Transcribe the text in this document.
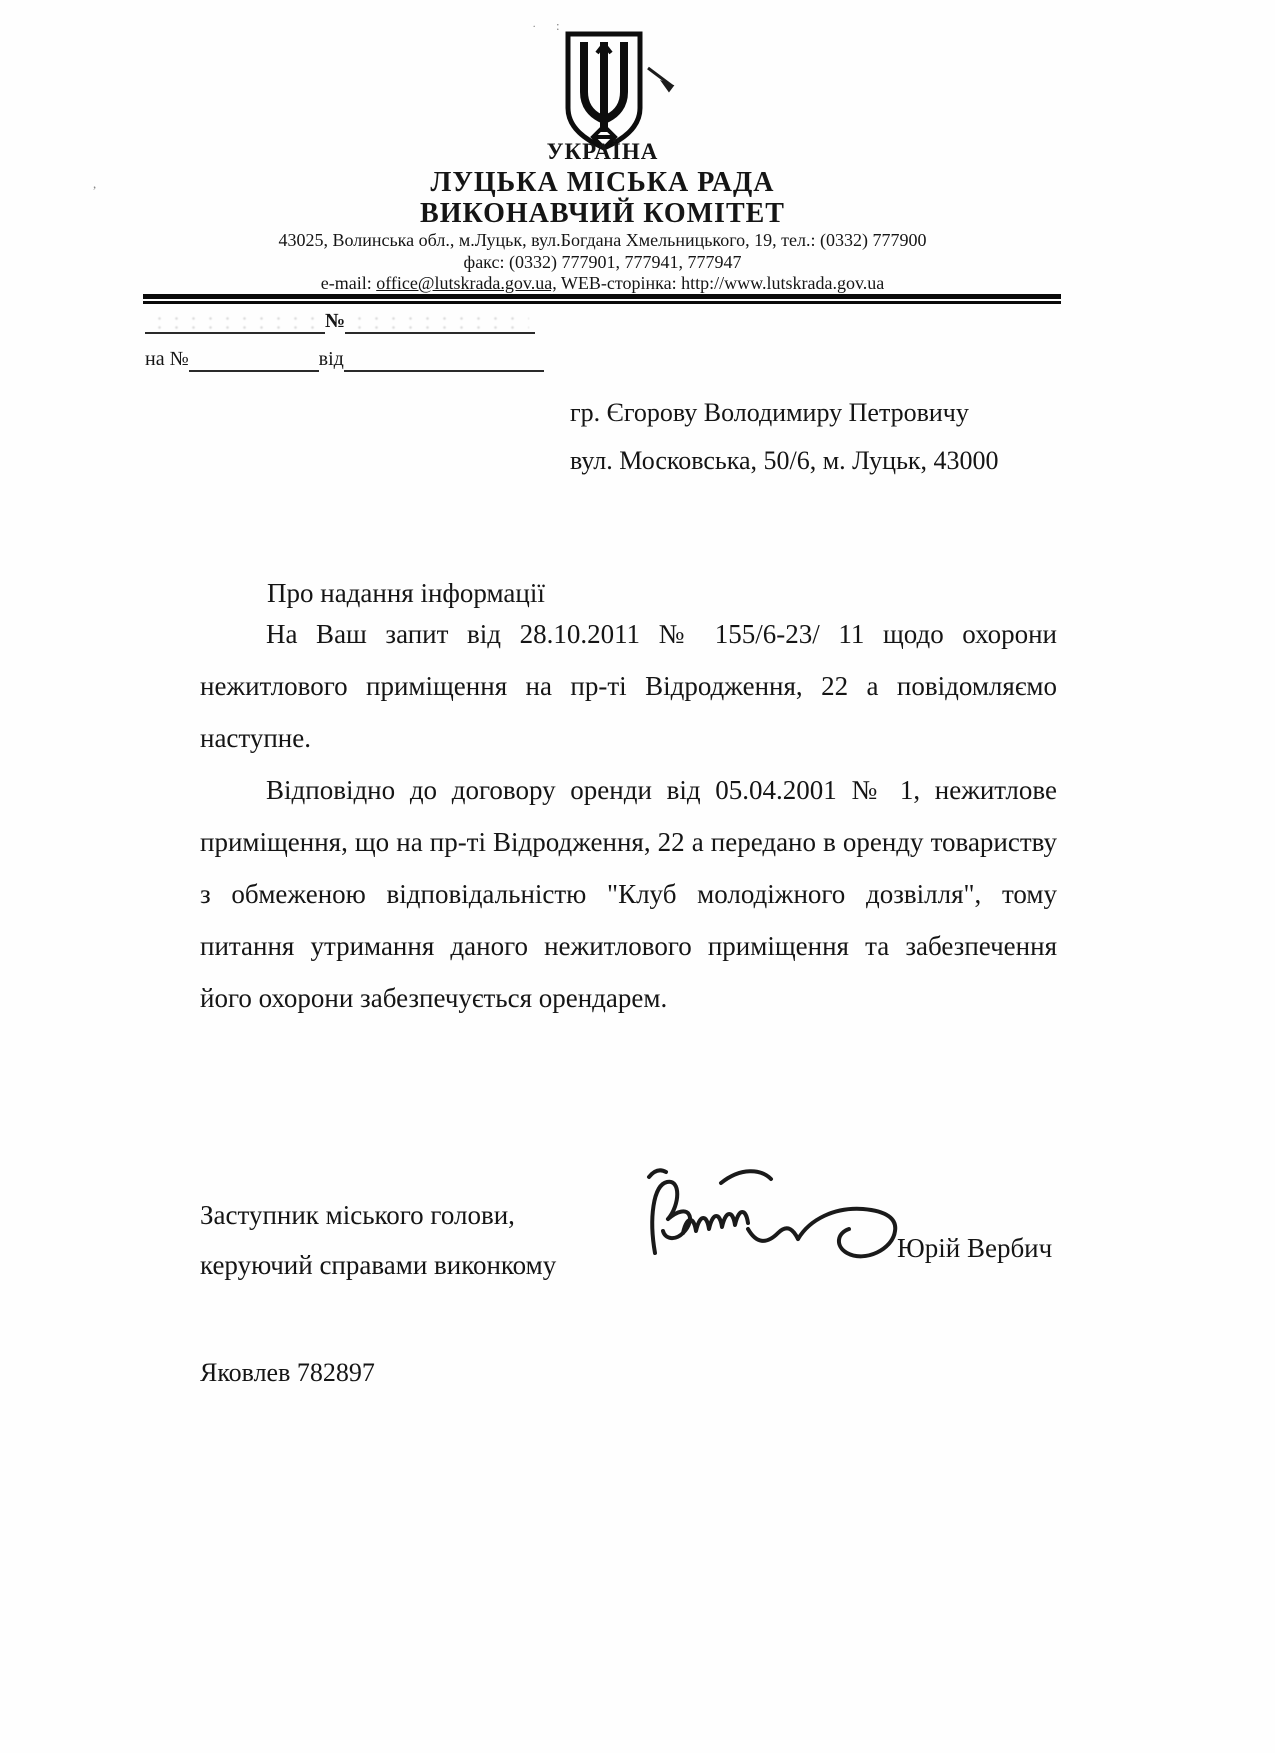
:
,
˙
УКРАЇНА
ЛУЦЬКА МІСЬКА РАДА
ВИКОНАВЧИЙ КОМІТЕТ
43025, Волинська обл., м.Луцьк, вул.Богдана Хмельницького, 19, тел.: (0332) 777900
факс: (0332) 777901, 777941, 777947
e-mail: office@lutskrada.gov.ua, WEB-сторінка: http://www.lutskrada.gov.ua
№
на №	від
гр. Єгорову Володимиру Петровичу
вул. Московська, 50/6, м. Луцьк, 43000
Про надання інформації

На Ваш запит від 28.10.2011 № 155/6-23/ 11 щодо охорони нежитлового приміщення на пр-ті Відродження, 22 а повідомляємо наступне.

Відповідно до договору оренди від 05.04.2001 № 1, нежитлове приміщення, що на пр-ті Відродження, 22 а передано в оренду товариству з обмеженою відповідальністю "Клуб молодіжного дозвілля", тому питання утримання даного нежитлового приміщення та забезпечення його охорони забезпечується орендарем.

Заступник міського голови,
керуючий справами виконкому
Юрій Вербич
Яковлев 782897
